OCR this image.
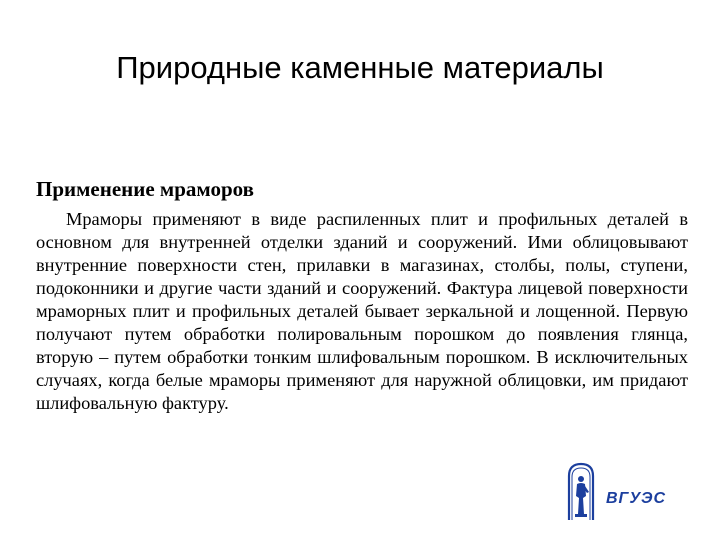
Природные каменные материалы
Применение мраморов

Мраморы применяют в виде распиленных плит и профильных деталей в основном для внутренней отделки зданий и сооружений. Ими облицовывают внутренние поверхности стен, прилавки в магазинах, столбы, полы, ступени, подоконники и другие части зданий и сооружений. Фактура лицевой поверхности мраморных плит и профильных деталей бывает зеркальной и лощенной. Первую получают путем обработки полировальным порошком до появления глянца, вторую – путем обработки тонким шлифовальным порошком. В исключительных случаях, когда белые мраморы применяют для наружной облицовки, им придают шлифовальную фактуру.

ВГУЭС
